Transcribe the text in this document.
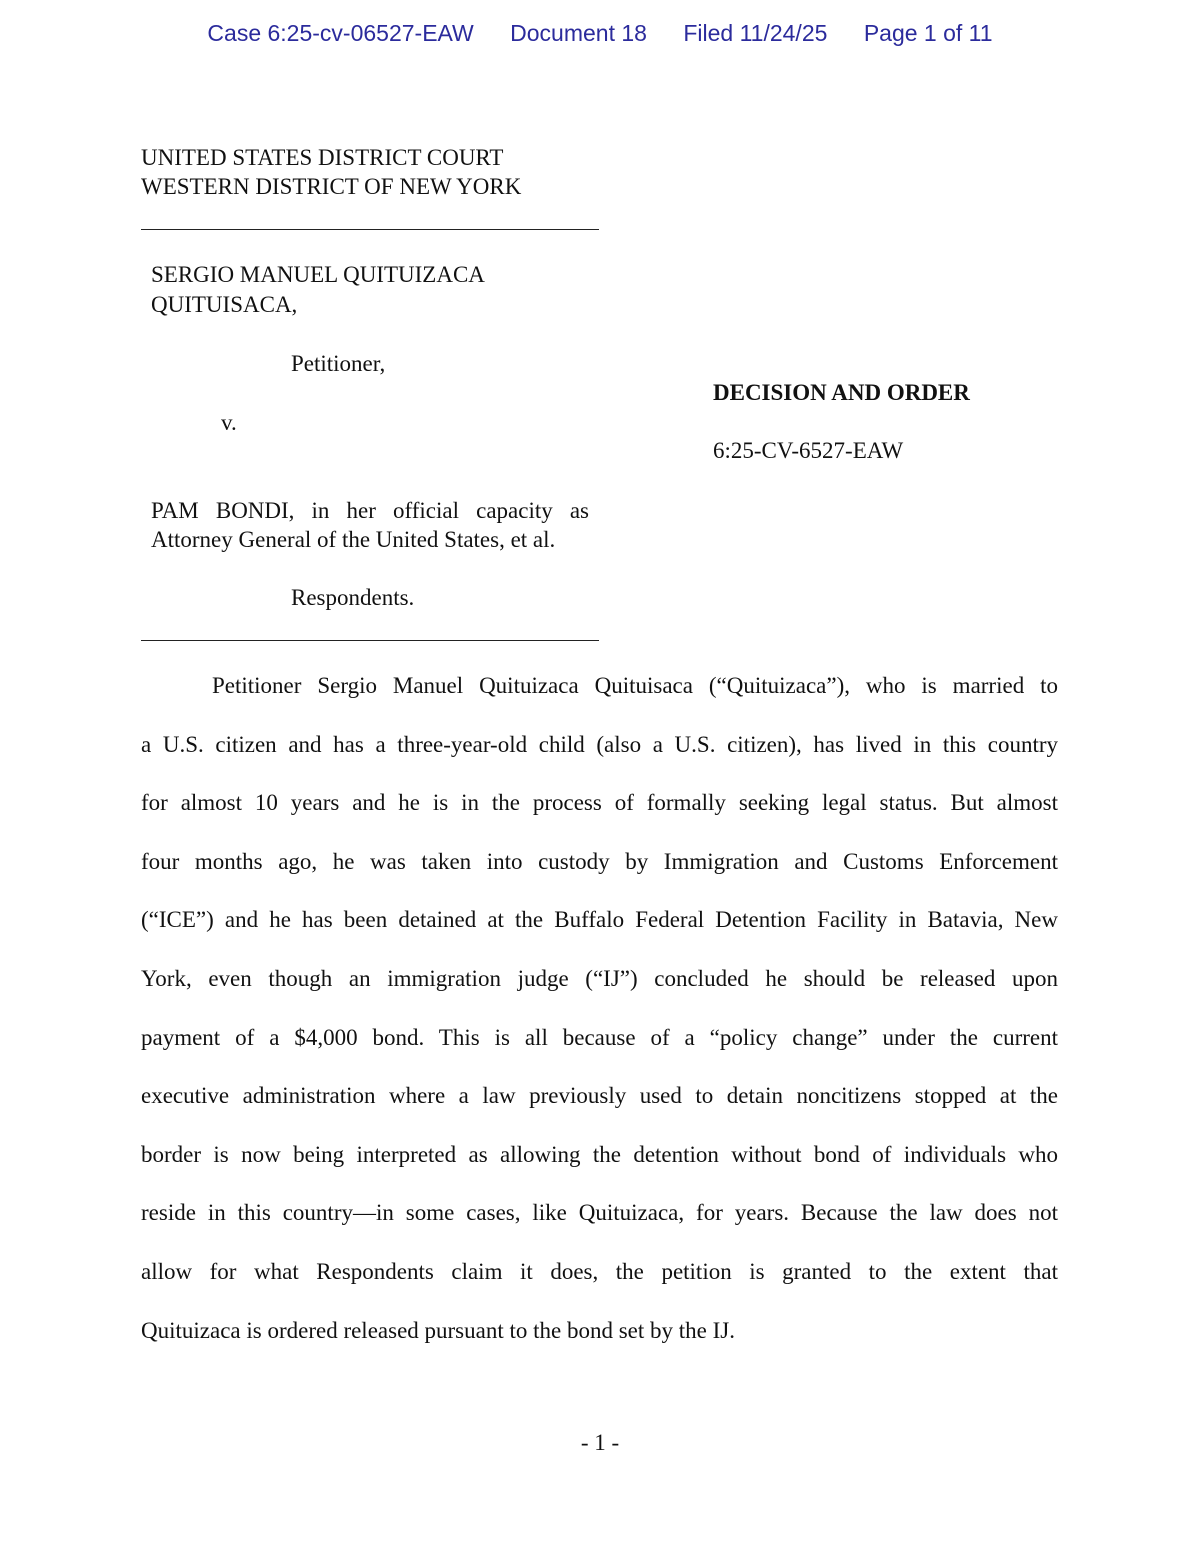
Case 6:25-cv-06527-EAW Document 18 Filed 11/24/25 Page 1 of 11
UNITED STATES DISTRICT COURT
WESTERN DISTRICT OF NEW YORK
SERGIO MANUEL QUITUIZACA
QUITUISACA,
Petitioner,
v.
PAM BONDI, in her official capacity as
Attorney General of the United States, et al.
Respondents.
DECISION AND ORDER
6:25-CV-6527-EAW
Petitioner Sergio Manuel Quituizaca Quituisaca (“Quituizaca”), who is married to
a U.S. citizen and has a three-year-old child (also a U.S. citizen), has lived in this country
for almost 10 years and he is in the process of formally seeking legal status. But almost
four months ago, he was taken into custody by Immigration and Customs Enforcement
(“ICE”) and he has been detained at the Buffalo Federal Detention Facility in Batavia, New
York, even though an immigration judge (“IJ”) concluded he should be released upon
payment of a $4,000 bond. This is all because of a “policy change” under the current
executive administration where a law previously used to detain noncitizens stopped at the
border is now being interpreted as allowing the detention without bond of individuals who
reside in this country—in some cases, like Quituizaca, for years. Because the law does not
allow for what Respondents claim it does, the petition is granted to the extent that
Quituizaca is ordered released pursuant to the bond set by the IJ.
- 1 -
